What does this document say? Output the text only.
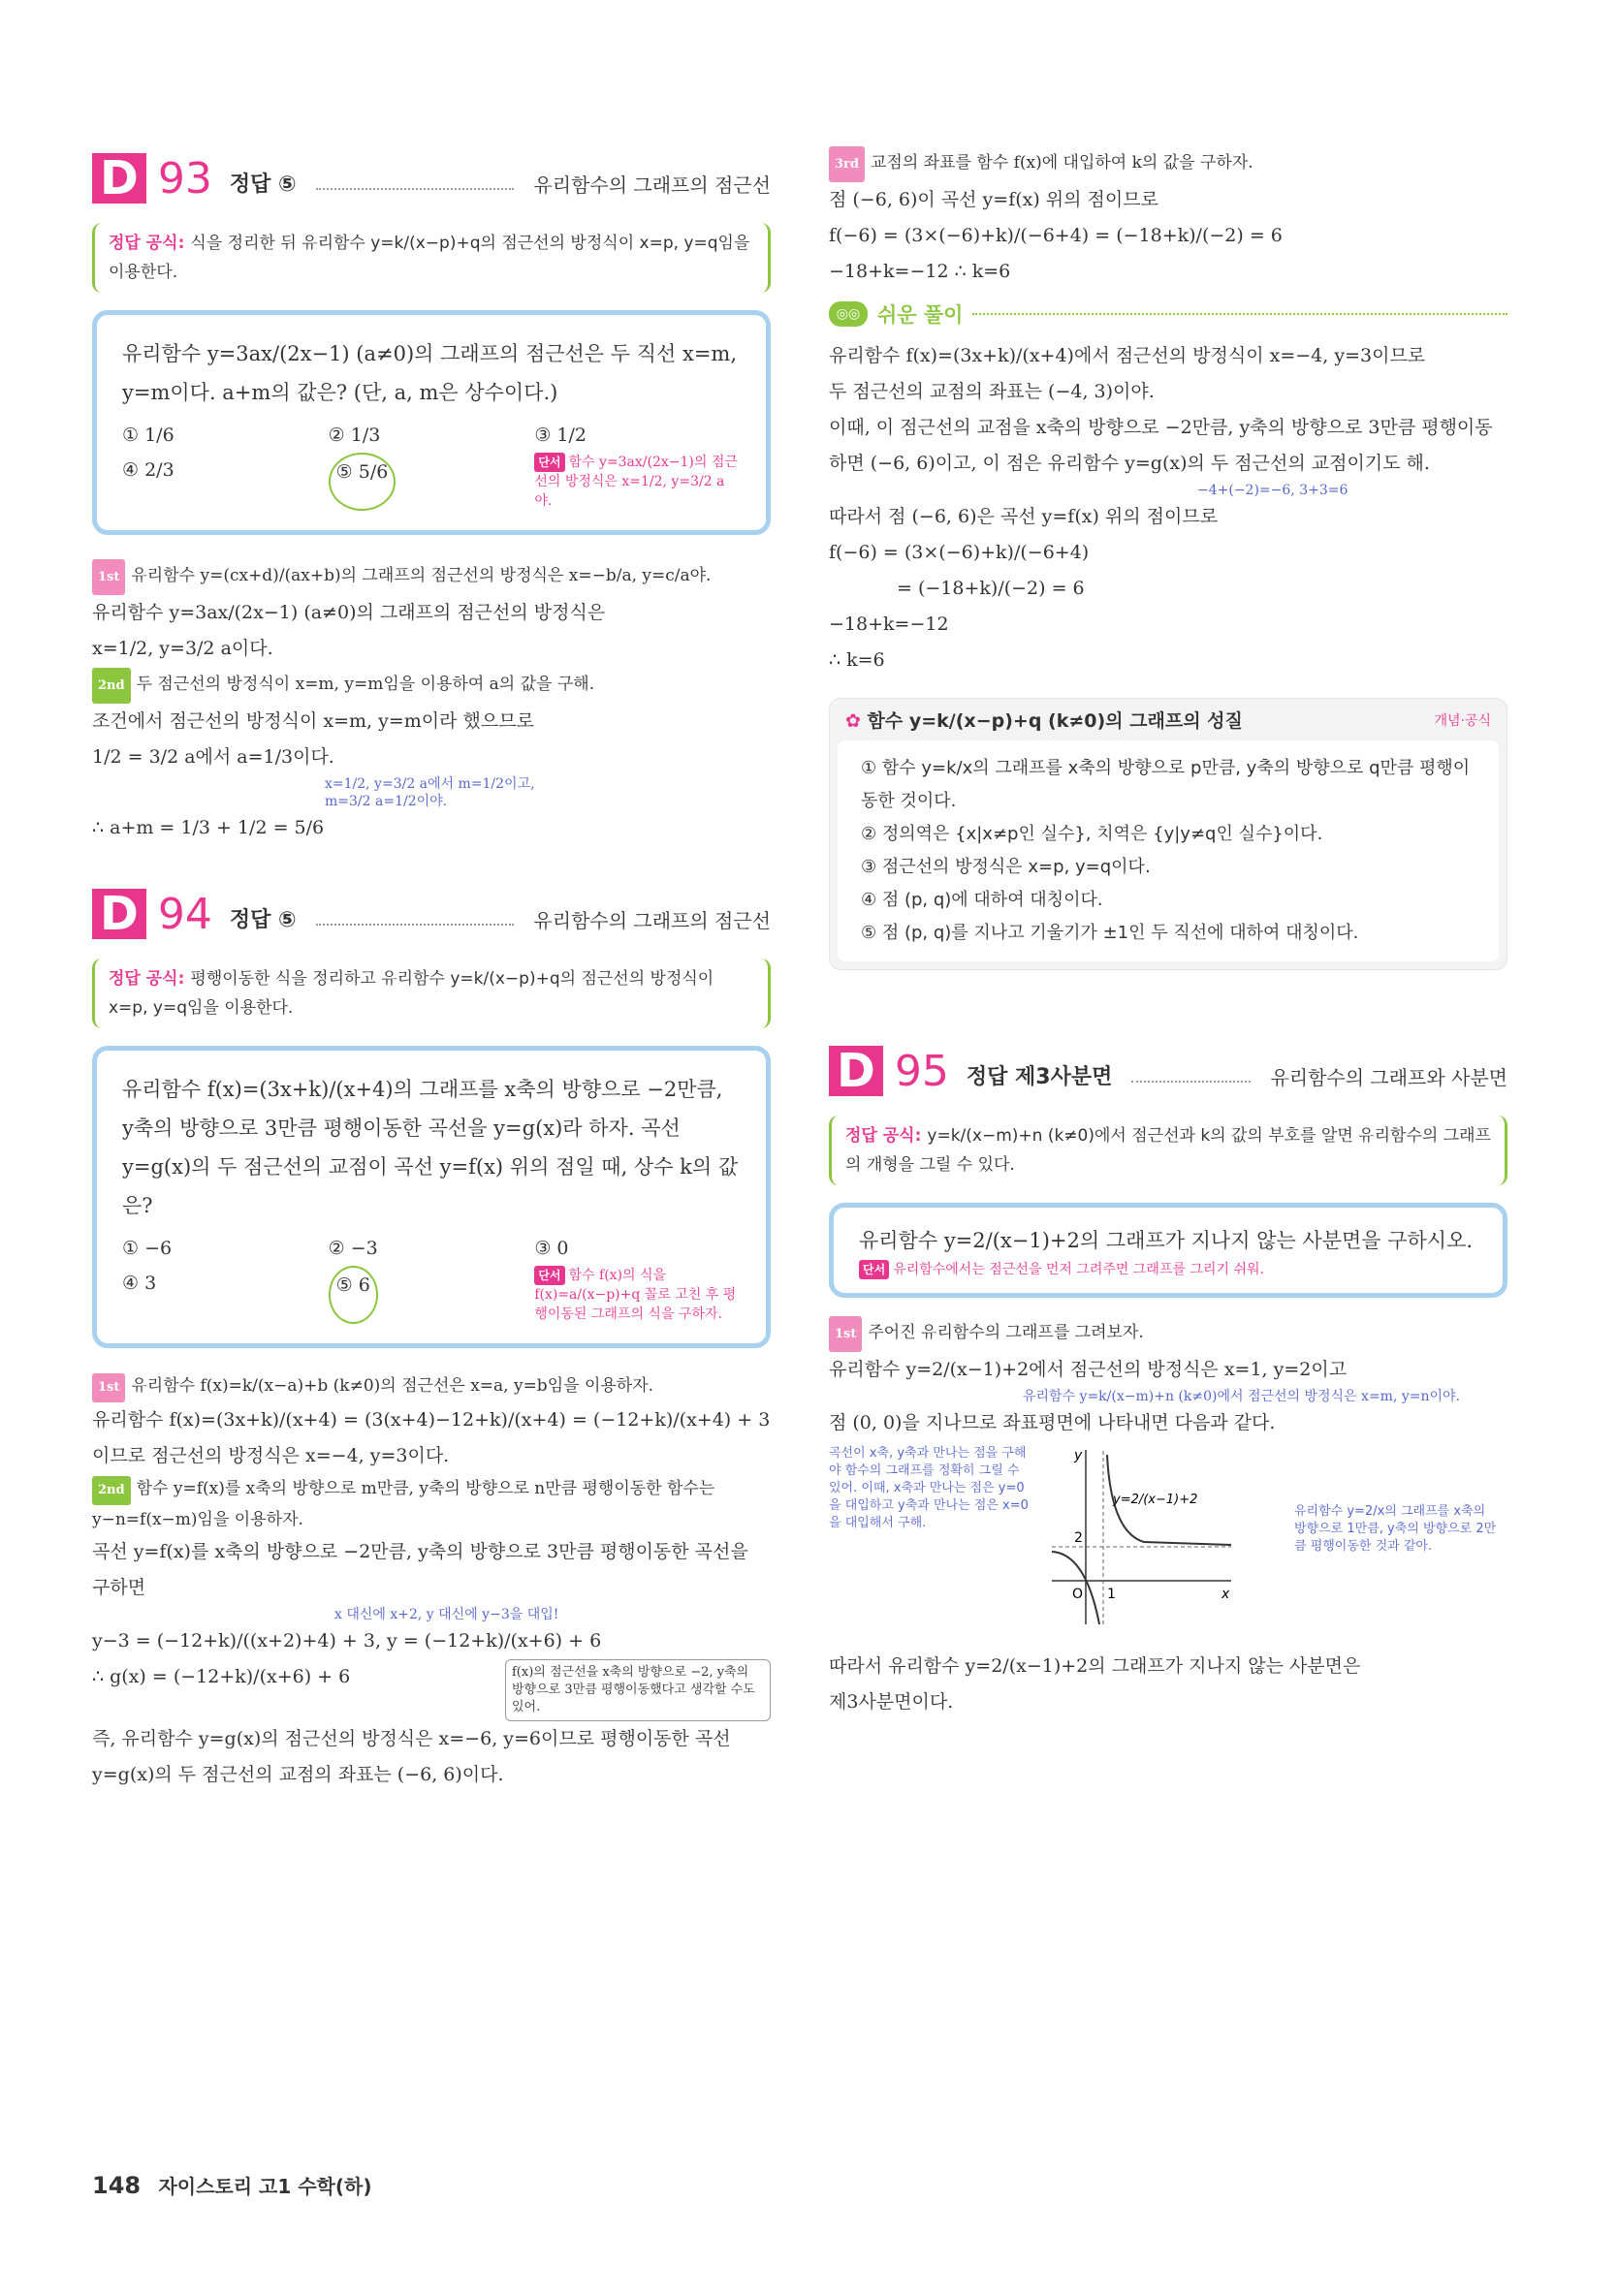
D 93 정답 ⑤	유리함수의 그래프의 점근선
정답 공식: 식을 정리한 뒤 유리함수 y=k/(x−p)+q의 점근선의 방정식이 x=p, y=q임을 이용한다.
유리함수 y=3ax/(2x−1) (a≠0)의 그래프의 점근선은 두 직선 x=m, y=m이다. a+m의 값은? (단, a, m은 상수이다.)
① 1/6	② 1/3	③ 1/2
④ 2/3	⑤ 5/6	단서 함수 y=3ax/(2x−1)의 점근선의 방정식은 x=1/2, y=3/2 a야.
1st 유리함수 y=(cx+d)/(ax+b)의 그래프의 점근선의 방정식은 x=−b/a, y=c/a야.
유리함수 y=3ax/(2x−1) (a≠0)의 그래프의 점근선의 방정식은
x=1/2, y=3/2 a이다.
2nd 두 점근선의 방정식이 x=m, y=m임을 이용하여 a의 값을 구해.
조건에서 점근선의 방정식이 x=m, y=m이라 했으므로
1/2 = 3/2 a에서 a=1/3이다.
x=1/2, y=3/2 a에서 m=1/2이고,
m=3/2 a=1/2이야.
∴ a+m = 1/3 + 1/2 = 5/6
D 94 정답 ⑤	유리함수의 그래프의 점근선
정답 공식: 평행이동한 식을 정리하고 유리함수 y=k/(x−p)+q의 점근선의 방정식이 x=p, y=q임을 이용한다.
유리함수 f(x)=(3x+k)/(x+4)의 그래프를 x축의 방향으로 −2만큼, y축의 방향으로 3만큼 평행이동한 곡선을 y=g(x)라 하자. 곡선 y=g(x)의 두 점근선의 교점이 곡선 y=f(x) 위의 점일 때, 상수 k의 값은?
① −6	② −3	③ 0
④ 3	⑤ 6	단서 함수 f(x)의 식을 f(x)=a/(x−p)+q 꼴로 고친 후 평행이동된 그래프의 식을 구하자.
1st 유리함수 f(x)=k/(x−a)+b (k≠0)의 점근선은 x=a, y=b임을 이용하자.
유리함수 f(x)=(3x+k)/(x+4) = (3(x+4)−12+k)/(x+4) = (−12+k)/(x+4) + 3
이므로 점근선의 방정식은 x=−4, y=3이다.
2nd 함수 y=f(x)를 x축의 방향으로 m만큼, y축의 방향으로 n만큼 평행이동한 함수는 y−n=f(x−m)임을 이용하자.
곡선 y=f(x)를 x축의 방향으로 −2만큼, y축의 방향으로 3만큼 평행이동한 곡선을 구하면
x 대신에 x+2, y 대신에 y−3을 대입!
y−3 = (−12+k)/((x+2)+4) + 3, y = (−12+k)/(x+6) + 6
∴ g(x) = (−12+k)/(x+6) + 6	f(x)의 점근선을 x축의 방향으로 −2, y축의 방향으로 3만큼 평행이동했다고 생각할 수도 있어.
즉, 유리함수 y=g(x)의 점근선의 방정식은 x=−6, y=6이므로 평행이동한 곡선 y=g(x)의 두 점근선의 교점의 좌표는 (−6, 6)이다.
3rd 교점의 좌표를 함수 f(x)에 대입하여 k의 값을 구하자.
점 (−6, 6)이 곡선 y=f(x) 위의 점이므로
f(−6) = (3×(−6)+k)/(−6+4) = (−18+k)/(−2) = 6
−18+k=−12 ∴ k=6
◎◎ 쉬운 풀이
유리함수 f(x)=(3x+k)/(x+4)에서 점근선의 방정식이 x=−4, y=3이므로
두 점근선의 교점의 좌표는 (−4, 3)이야.
이때, 이 점근선의 교점을 x축의 방향으로 −2만큼, y축의 방향으로 3만큼 평행이동하면 (−6, 6)이고, 이 점은 유리함수 y=g(x)의 두 점근선의 교점이기도 해.
−4+(−2)=−6, 3+3=6
따라서 점 (−6, 6)은 곡선 y=f(x) 위의 점이므로
f(−6) = (3×(−6)+k)/(−6+4)
= (−18+k)/(−2) = 6
−18+k=−12
∴ k=6
✿ 함수 y=k/(x−p)+q (k≠0)의 그래프의 성질	개념·공식
① 함수 y=k/x의 그래프를 x축의 방향으로 p만큼, y축의 방향으로 q만큼 평행이동한 것이다.
② 정의역은 {x|x≠p인 실수}, 치역은 {y|y≠q인 실수}이다.
③ 점근선의 방정식은 x=p, y=q이다.
④ 점 (p, q)에 대하여 대칭이다.
⑤ 점 (p, q)를 지나고 기울기가 ±1인 두 직선에 대하여 대칭이다.
D 95 정답 제3사분면	유리함수의 그래프와 사분면
정답 공식: y=k/(x−m)+n (k≠0)에서 점근선과 k의 값의 부호를 알면 유리함수의 그래프의 개형을 그릴 수 있다.
유리함수 y=2/(x−1)+2의 그래프가 지나지 않는 사분면을 구하시오.
단서 유리함수에서는 점근선을 먼저 그려주면 그래프를 그리기 쉬워.
1st 주어진 유리함수의 그래프를 그려보자.
유리함수 y=2/(x−1)+2에서 점근선의 방정식은 x=1, y=2이고
유리함수 y=k/(x−m)+n (k≠0)에서 점근선의 방정식은 x=m, y=n이야.
점 (0, 0)을 지나므로 좌표평면에 나타내면 다음과 같다.
곡선이 x축, y축과 만나는 점을 구해야 함수의 그래프를 정확히 그릴 수 있어. 이때, x축과 만나는 점은 y=0을 대입하고 y축과 만나는 점은 x=0을 대입해서 구해.
x
y
O 1
2
y=2/(x−1)+2
유리함수 y=2/x의 그래프를 x축의 방향으로 1만큼, y축의 방향으로 2만큼 평행이동한 것과 같아.
따라서 유리함수 y=2/(x−1)+2의 그래프가 지나지 않는 사분면은
제3사분면이다.
148 자이스토리 고1 수학(하)
